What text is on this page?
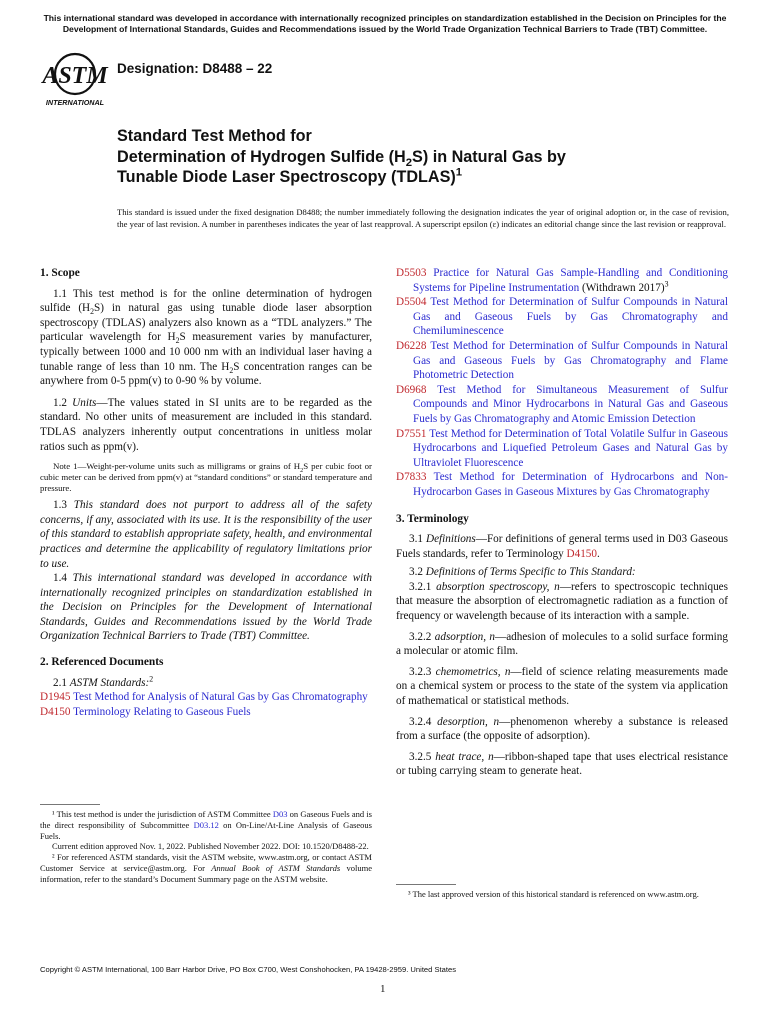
This international standard was developed in accordance with internationally recognized principles on standardization established in the Decision on Principles for the Development of International Standards, Guides and Recommendations issued by the World Trade Organization Technical Barriers to Trade (TBT) Committee.
ASTM
INTERNATIONAL
Designation: D8488 – 22
Standard Test Method for
Determination of Hydrogen Sulfide $(H_2S)$ in Natural Gas by
Tunable Diode Laser Spectroscopy (TDLAS)$^1$
This standard is issued under the fixed designation D8488; the number immediately following the designation indicates the year of original adoption or, in the case of revision, the year of last revision. A number in parentheses indicates the year of last reapproval. A superscript epsilon (ε) indicates an editorial change since the last revision or reapproval.
1. Scope

1.1 This test method is for the online determination of hydrogen sulfide $(H_2S)$ in natural gas using tunable diode laser absorption spectroscopy (TDLAS) analyzers also known as a “TDL analyzers.” The particular wavelength for $H_2S$ measurement varies by manufacturer, typically between 1000 and 10 000 nm with an individual laser having a tunable range of less than 10 nm. The $H_2S$ concentration ranges can be anywhere from 0-5 ppm(v) to 0-90 % by volume.

1.2 Units—The values stated in SI units are to be regarded as the standard. No other units of measurement are included in this standard. TDLAS analyzers inherently output concentrations in unitless molar ratios such as ppm(v).

Note 1—Weight-per-volume units such as milligrams or grains of $H_2S$ per cubic foot or cubic meter can be derived from ppm(v) at “standard conditions” or standard temperature and pressure.

1.3 This standard does not purport to address all of the safety concerns, if any, associated with its use. It is the responsibility of the user of this standard to establish appropriate safety, health, and environmental practices and determine the applicability of regulatory limitations prior to use.

1.4 This international standard was developed in accordance with internationally recognized principles on standardization established in the Decision on Principles for the Development of International Standards, Guides and Recommendations issued by the World Trade Organization Technical Barriers to Trade (TBT) Committee.

2. Referenced Documents

2.1 ASTM Standards:$^2$

D1945 Test Method for Analysis of Natural Gas by Gas Chromatography

D4150 Terminology Relating to Gaseous Fuels

D5503 Practice for Natural Gas Sample-Handling and Conditioning Systems for Pipeline Instrumentation (Withdrawn 2017)$^3$

D5504 Test Method for Determination of Sulfur Compounds in Natural Gas and Gaseous Fuels by Gas Chromatography and Chemiluminescence

D6228 Test Method for Determination of Sulfur Compounds in Natural Gas and Gaseous Fuels by Gas Chromatography and Flame Photometric Detection

D6968 Test Method for Simultaneous Measurement of Sulfur Compounds and Minor Hydrocarbons in Natural Gas and Gaseous Fuels by Gas Chromatography and Atomic Emission Detection

D7551 Test Method for Determination of Total Volatile Sulfur in Gaseous Hydrocarbons and Liquefied Petroleum Gases and Natural Gas by Ultraviolet Fluorescence

D7833 Test Method for Determination of Hydrocarbons and Non-Hydrocarbon Gases in Gaseous Mixtures by Gas Chromatography

3. Terminology

3.1 Definitions—For definitions of general terms used in D03 Gaseous Fuels standards, refer to Terminology D4150.

3.2 Definitions of Terms Specific to This Standard:

3.2.1 absorption spectroscopy, n—refers to spectroscopic techniques that measure the absorption of electromagnetic radiation as a function of frequency or wavelength because of its interaction with a sample.

3.2.2 adsorption, n—adhesion of molecules to a solid surface forming a molecular or atomic film.

3.2.3 chemometrics, n—field of science relating measurements made on a chemical system or process to the state of the system via application of mathematical or statistical methods.

3.2.4 desorption, n—phenomenon whereby a substance is released from a surface (the opposite of adsorption).

3.2.5 heat trace, n—ribbon-shaped tape that uses electrical resistance or tubing carrying steam to generate heat.

¹ This test method is under the jurisdiction of ASTM Committee D03 on Gaseous Fuels and is the direct responsibility of Subcommittee D03.12 on On-Line/At-Line Analysis of Gaseous Fuels.

Current edition approved Nov. 1, 2022. Published November 2022. DOI: 10.1520/D8488-22.

² For referenced ASTM standards, visit the ASTM website, www.astm.org, or contact ASTM Customer Service at service@astm.org. For Annual Book of ASTM Standards volume information, refer to the standard’s Document Summary page on the ASTM website.

³ The last approved version of this historical standard is referenced on www.astm.org.

Copyright © ASTM International, 100 Barr Harbor Drive, PO Box C700, West Conshohocken, PA 19428-2959. United States
1
